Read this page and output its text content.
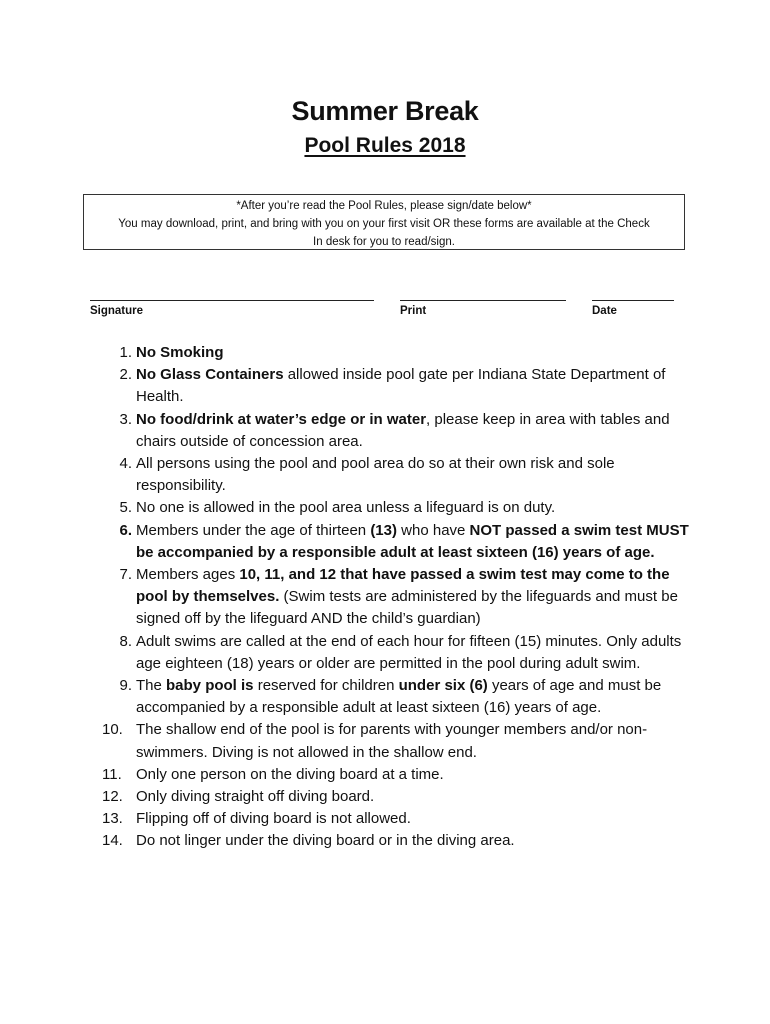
Summer Break
Pool Rules 2018
*After you’re read the Pool Rules, please sign/date below*
You may download, print, and bring with you on your first visit OR these forms are available at the Check
In desk for you to read/sign.
Signature	Print	Date
1. No Smoking
2. No Glass Containers allowed inside pool gate per Indiana State Department of Health.
3. No food/drink at water’s edge or in water, please keep in area with tables and chairs outside of concession area.
4. All persons using the pool and pool area do so at their own risk and sole responsibility.
5. No one is allowed in the pool area unless a lifeguard is on duty.
6. Members under the age of thirteen (13) who have NOT passed a swim test MUST be accompanied by a responsible adult at least sixteen (16) years of age.
7. Members ages 10, 11, and 12 that have passed a swim test may come to the pool by themselves. (Swim tests are administered by the lifeguards and must be signed off by the lifeguard AND the child’s guardian)
8. Adult swims are called at the end of each hour for fifteen (15) minutes. Only adults age eighteen (18) years or older are permitted in the pool during adult swim.
9. The baby pool is reserved for children under six (6) years of age and must be accompanied by a responsible adult at least sixteen (16) years of age.
10. The shallow end of the pool is for parents with younger members and/or non-swimmers. Diving is not allowed in the shallow end.
11. Only one person on the diving board at a time.
12. Only diving straight off diving board.
13. Flipping off of diving board is not allowed.
14. Do not linger under the diving board or in the diving area.
